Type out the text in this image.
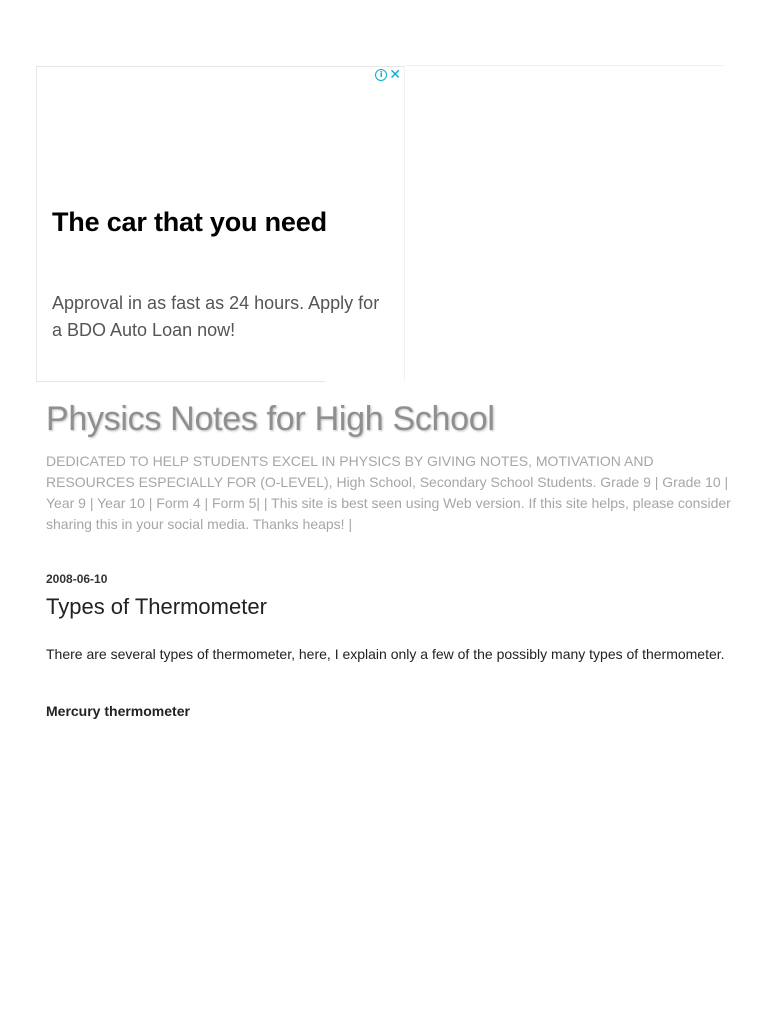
i ✕
The car that you need

Approval in as fast as 24 hours. Apply for a BDO Auto Loan now!

Physics Notes for High School

DEDICATED TO HELP STUDENTS EXCEL IN PHYSICS BY GIVING NOTES, MOTIVATION AND RESOURCES ESPECIALLY FOR (O-LEVEL), High School, Secondary School Students. Grade 9 | Grade 10 | Year 9 | Year 10 | Form 4 | Form 5| | This site is best seen using Web version. If this site helps, please consider sharing this in your social media. Thanks heaps! |

2008-06-10
Types of Thermometer

There are several types of thermometer, here, I explain only a few of the possibly many types of thermometer.

Mercury thermometer
